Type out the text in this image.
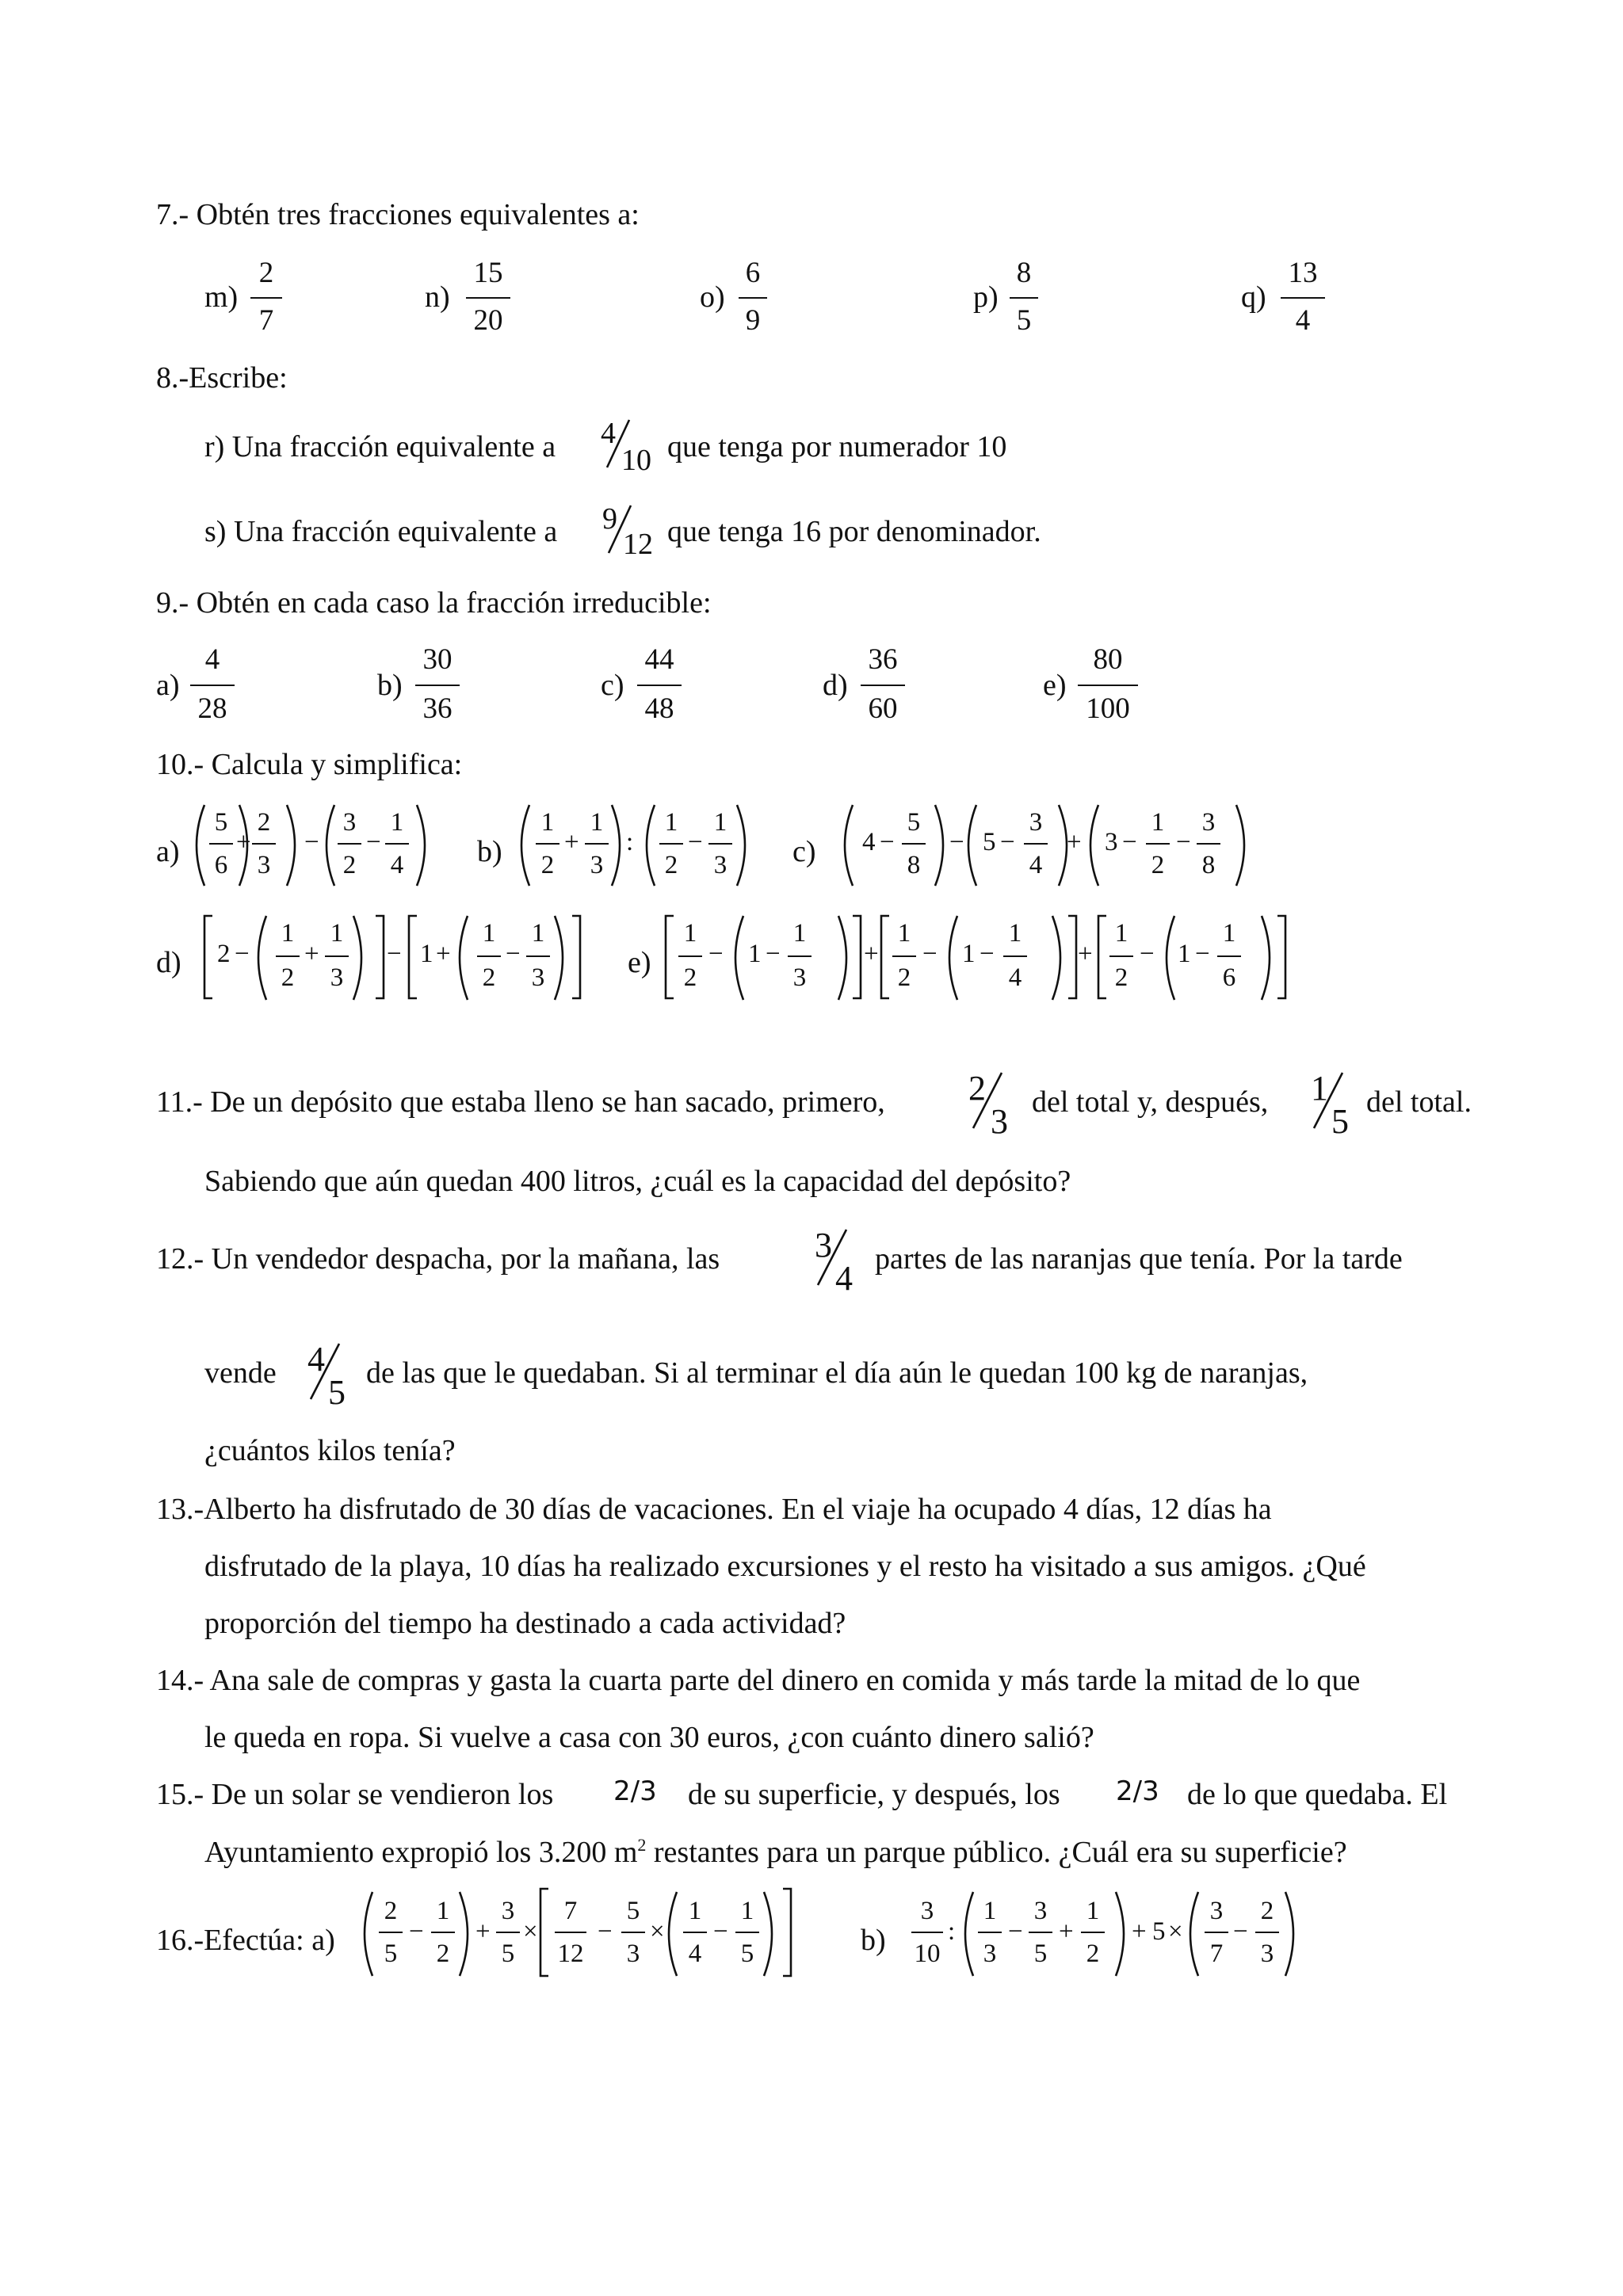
7.- Obtén tres fracciones equivalentes a:
m)
2
7
n)
15
20
o)
6
9
p)
8
5
q)
13
4
8.-Escribe:
r) Una fracción equivalente a 4
10 que tenga por numerador 10
s) Una fracción equivalente a 9
12 que tenga 16 por denominador.
9.- Obtén en cada caso la fracción irreducible:
a)
4
28
b)
30
36
c)
44
48
d)
36
60
e)
80
100
10.- Calcula y simplifica:
a)
5
6
+
2
3
−
3
2
−
1
4 b)
1
2
+
1
3
:
1
2
−
1
3 c) 4 −
5
8
− 5 −
3
4
+ 3 −
1
2
−
3
8
d) 2 −
1
2
+
1
3
− 1 +
1
2
−
1
3	e)
1
2
− 1 −
1
3
+
1
2
− 1 −
1
4
+
1
2
− 1 −
1
6
11.- De un depósito que estaba lleno se han sacado, primero, 2
3 del total y, después, 1
5 del total.
Sabiendo que aún quedan 400 litros, ¿cuál es la capacidad del depósito?
12.- Un vendedor despacha, por la mañana, las	3
4 partes de las naranjas que tenía. Por la tarde
vende 4
5 de las que le quedaban. Si al terminar el día aún le quedan 100 kg de naranjas,
¿cuántos kilos tenía?
13.-Alberto ha disfrutado de 30 días de vacaciones. En el viaje ha ocupado 4 días, 12 días ha
disfrutado de la playa, 10 días ha realizado excursiones y el resto ha visitado a sus amigos. ¿Qué
proporción del tiempo ha destinado a cada actividad?
14.- Ana sale de compras y gasta la cuarta parte del dinero en comida y más tarde la mitad de lo que
le queda en ropa. Si vuelve a casa con 30 euros, ¿con cuánto dinero salió?
15.- De un solar se vendieron los 2/3 de su superficie, y después, los 2/3 de lo que quedaba. El
Ayuntamiento expropió los 3.200 $m^2$ restantes para un parque público. ¿Cuál era su superficie?
16.-Efectúa: a)
2
5
−
1
2
+
3
5
×
7
12
−
5
3
×
1
4
−
1
5	b)
3
10
:
1
3
−
3
5
+
1
2
+ 5 ×
3
7
−
2
3
